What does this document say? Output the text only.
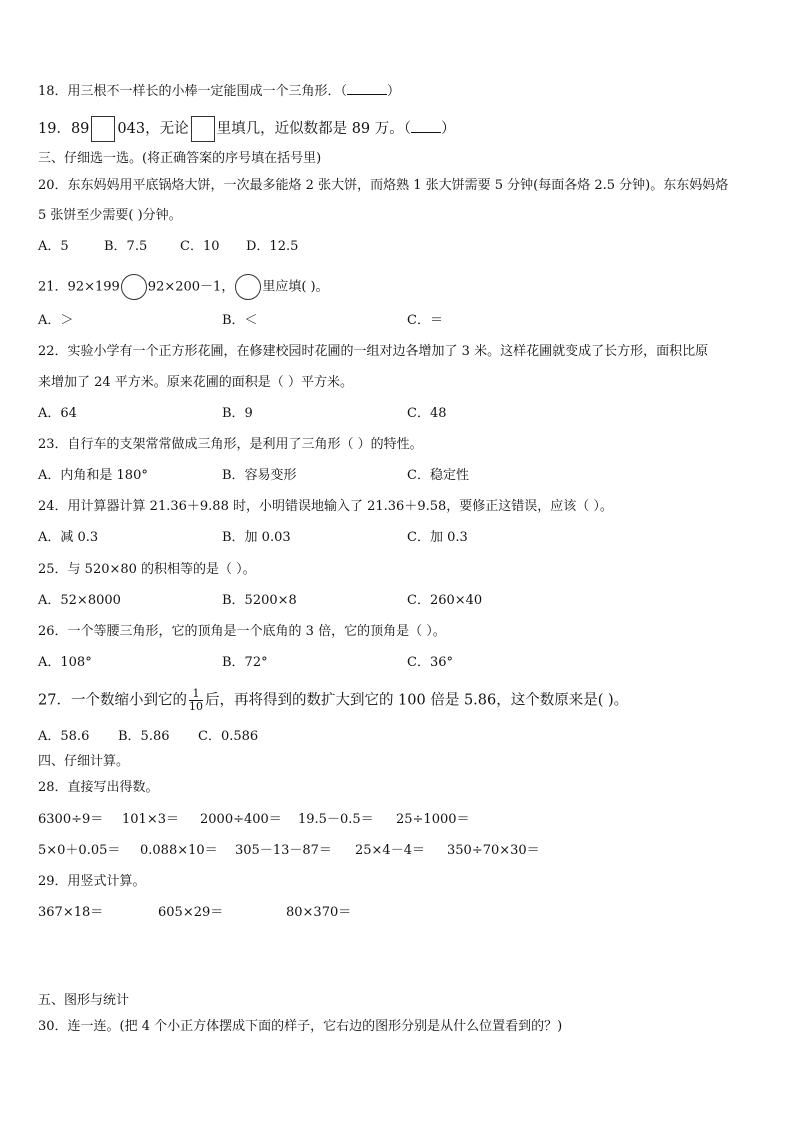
18．用三根不一样长的小棒一定能围成一个三角形．（	）
19．89 043，无论 里填几，近似数都是 89 万。（ ）
三、仔细选一选。(将正确答案的序号填在括号里)
20．东东妈妈用平底锅烙大饼，一次最多能烙 2 张大饼，而烙熟 1 张大饼需要 5 分钟(每面各烙 2.5 分钟)。东东妈妈烙
5 张饼至少需要( )分钟。
A．5	B．7.5	C．10 D．12.5
21．92×199 92×200－1， 里应填( )。
A．＞	B．＜	C．＝
22．实验小学有一个正方形花圃，在修建校园时花圃的一组对边各增加了 3 米。这样花圃就变成了长方形，面积比原
来增加了 24 平方米。原来花圃的面积是（ ）平方米。
A．64	B．9	C．48
23．自行车的支架常常做成三角形，是利用了三角形（ ）的特性。
A．内角和是 180°	B．容易变形	C．稳定性
24．用计算器计算 21.36＋9.88 时，小明错误地输入了 21.36＋9.58，要修正这错误，应该（ ）。
A．减 0.3	B．加 0.03	C．加 0.3
25．与 520×80 的积相等的是（ ）。
A．52×8000	B．5200×8	C．260×40
26．一个等腰三角形，它的顶角是一个底角的 3 倍，它的顶角是（ ）。
A．108°	B．72°	C．36°
27．一个数缩小到它的 $\frac{1}{10}$ 后，再将得到的数扩大到它的 100 倍是 5.86，这个数原来是( )。
A．58.6 B．5.86 C．0.586
四、仔细计算。
28．直接写出得数。
6300÷9＝ 101×3＝ 2000÷400＝ 19.5－0.5＝ 25÷1000＝
5×0＋0.05＝ 0.088×10＝ 305－13－87＝ 25×4－4＝ 350÷70×30＝
29．用竖式计算。
367×18＝	605×29＝	80×370＝
五、图形与统计
30．连一连。(把 4 个小正方体摆成下面的样子，它右边的图形分别是从什么位置看到的？)
